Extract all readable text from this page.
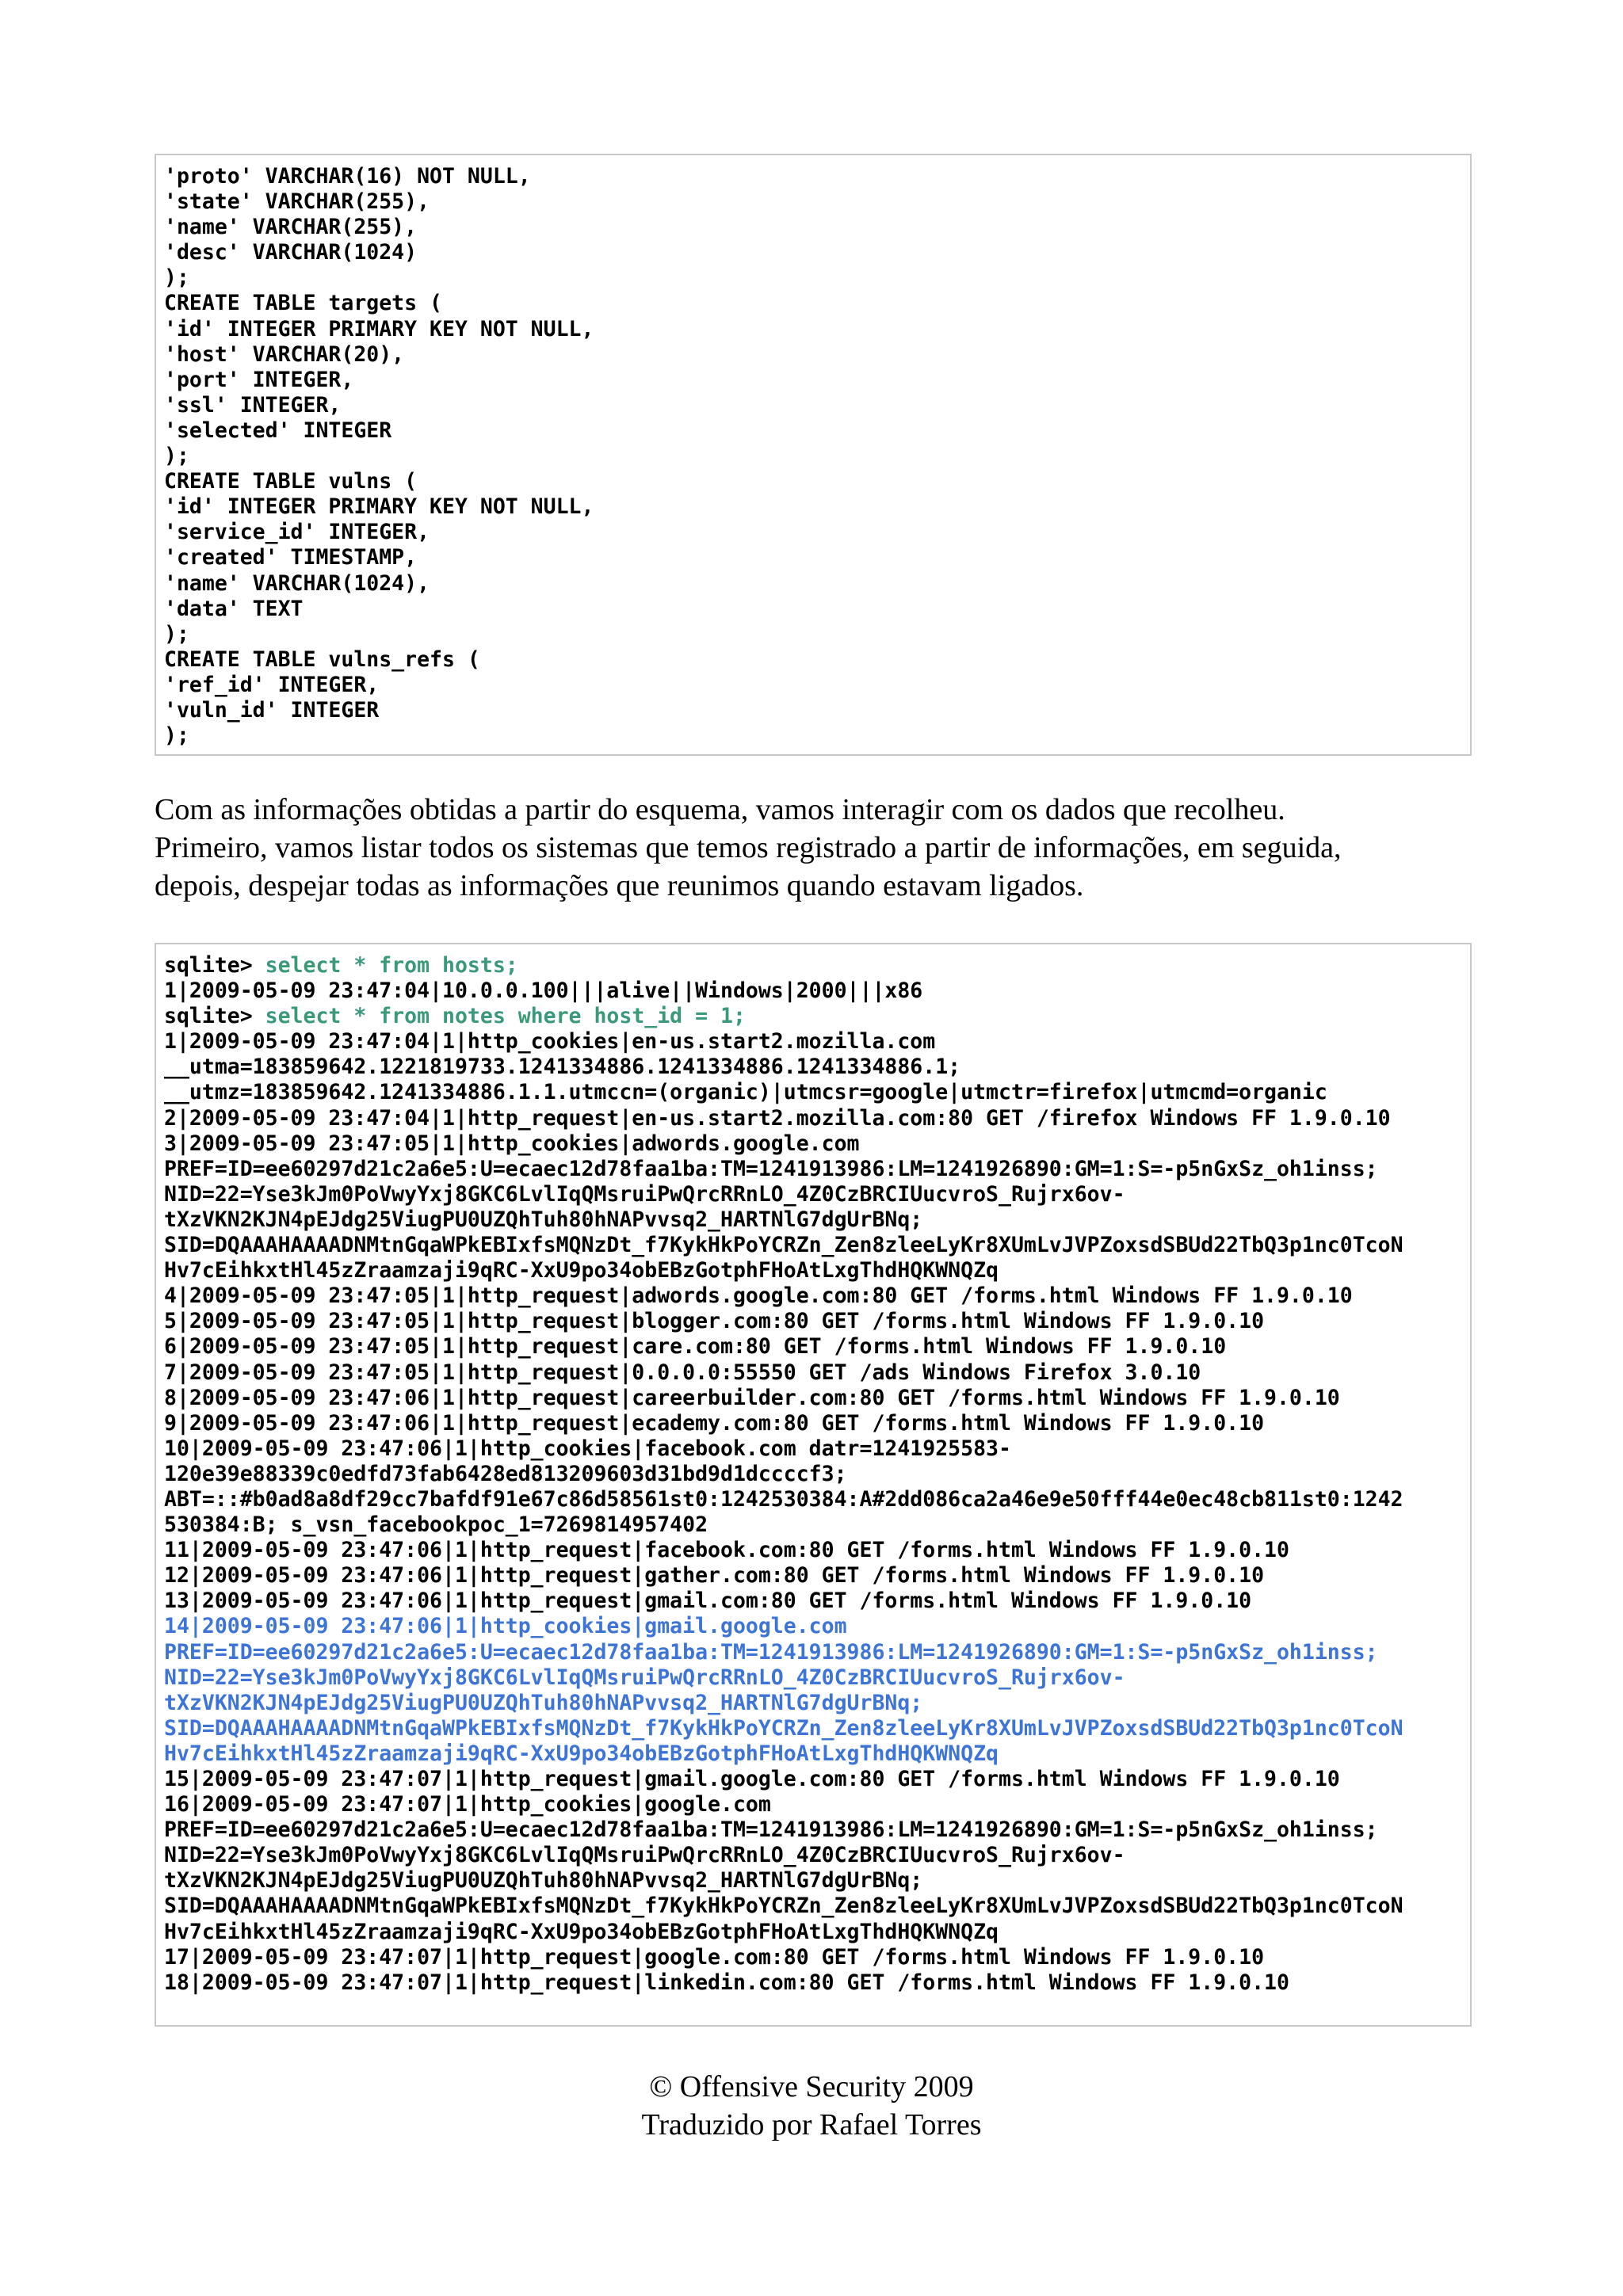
'proto' VARCHAR(16) NOT NULL,
'state' VARCHAR(255),
'name' VARCHAR(255),
'desc' VARCHAR(1024)
);
CREATE TABLE targets (
'id' INTEGER PRIMARY KEY NOT NULL,
'host' VARCHAR(20),
'port' INTEGER,
'ssl' INTEGER,
'selected' INTEGER
);
CREATE TABLE vulns (
'id' INTEGER PRIMARY KEY NOT NULL,
'service_id' INTEGER,
'created' TIMESTAMP,
'name' VARCHAR(1024),
'data' TEXT
);
CREATE TABLE vulns_refs (
'ref_id' INTEGER,
'vuln_id' INTEGER
);

Com as informações obtidas a partir do esquema, vamos interagir com os dados que recolheu.
Primeiro, vamos listar todos os sistemas que temos registrado a partir de informações, em seguida,
depois, despejar todas as informações que reunimos quando estavam ligados.

sqlite> select * from hosts;
1|2009-05-09 23:47:04|10.0.0.100|||alive||Windows|2000|||x86
sqlite> select * from notes where host_id = 1;
1|2009-05-09 23:47:04|1|http_cookies|en-us.start2.mozilla.com
__utma=183859642.1221819733.1241334886.1241334886.1241334886.1;
__utmz=183859642.1241334886.1.1.utmccn=(organic)|utmcsr=google|utmctr=firefox|utmcmd=organic
2|2009-05-09 23:47:04|1|http_request|en-us.start2.mozilla.com:80 GET /firefox Windows FF 1.9.0.10
3|2009-05-09 23:47:05|1|http_cookies|adwords.google.com
PREF=ID=ee60297d21c2a6e5:U=ecaec12d78faa1ba:TM=1241913986:LM=1241926890:GM=1:S=-p5nGxSz_oh1inss;
NID=22=Yse3kJm0PoVwyYxj8GKC6LvlIqQMsruiPwQrcRRnLO_4Z0CzBRCIUucvroS_Rujrx6ov-
tXzVKN2KJN4pEJdg25ViugPU0UZQhTuh80hNAPvvsq2_HARTNlG7dgUrBNq;
SID=DQAAAHAAAADNMtnGqaWPkEBIxfsMQNzDt_f7KykHkPoYCRZn_Zen8zleeLyKr8XUmLvJVPZoxsdSBUd22TbQ3p1nc0TcoN
Hv7cEihkxtHl45zZraamzaji9qRC-XxU9po34obEBzGotphFHoAtLxgThdHQKWNQZq
4|2009-05-09 23:47:05|1|http_request|adwords.google.com:80 GET /forms.html Windows FF 1.9.0.10
5|2009-05-09 23:47:05|1|http_request|blogger.com:80 GET /forms.html Windows FF 1.9.0.10
6|2009-05-09 23:47:05|1|http_request|care.com:80 GET /forms.html Windows FF 1.9.0.10
7|2009-05-09 23:47:05|1|http_request|0.0.0.0:55550 GET /ads Windows Firefox 3.0.10
8|2009-05-09 23:47:06|1|http_request|careerbuilder.com:80 GET /forms.html Windows FF 1.9.0.10
9|2009-05-09 23:47:06|1|http_request|ecademy.com:80 GET /forms.html Windows FF 1.9.0.10
10|2009-05-09 23:47:06|1|http_cookies|facebook.com datr=1241925583-
120e39e88339c0edfd73fab6428ed813209603d31bd9d1dccccf3;
ABT=::#b0ad8a8df29cc7bafdf91e67c86d58561st0:1242530384:A#2dd086ca2a46e9e50fff44e0ec48cb811st0:1242
530384:B; s_vsn_facebookpoc_1=7269814957402
11|2009-05-09 23:47:06|1|http_request|facebook.com:80 GET /forms.html Windows FF 1.9.0.10
12|2009-05-09 23:47:06|1|http_request|gather.com:80 GET /forms.html Windows FF 1.9.0.10
13|2009-05-09 23:47:06|1|http_request|gmail.com:80 GET /forms.html Windows FF 1.9.0.10
14|2009-05-09 23:47:06|1|http_cookies|gmail.google.com
PREF=ID=ee60297d21c2a6e5:U=ecaec12d78faa1ba:TM=1241913986:LM=1241926890:GM=1:S=-p5nGxSz_oh1inss;
NID=22=Yse3kJm0PoVwyYxj8GKC6LvlIqQMsruiPwQrcRRnLO_4Z0CzBRCIUucvroS_Rujrx6ov-
tXzVKN2KJN4pEJdg25ViugPU0UZQhTuh80hNAPvvsq2_HARTNlG7dgUrBNq;
SID=DQAAAHAAAADNMtnGqaWPkEBIxfsMQNzDt_f7KykHkPoYCRZn_Zen8zleeLyKr8XUmLvJVPZoxsdSBUd22TbQ3p1nc0TcoN
Hv7cEihkxtHl45zZraamzaji9qRC-XxU9po34obEBzGotphFHoAtLxgThdHQKWNQZq
15|2009-05-09 23:47:07|1|http_request|gmail.google.com:80 GET /forms.html Windows FF 1.9.0.10
16|2009-05-09 23:47:07|1|http_cookies|google.com
PREF=ID=ee60297d21c2a6e5:U=ecaec12d78faa1ba:TM=1241913986:LM=1241926890:GM=1:S=-p5nGxSz_oh1inss;
NID=22=Yse3kJm0PoVwyYxj8GKC6LvlIqQMsruiPwQrcRRnLO_4Z0CzBRCIUucvroS_Rujrx6ov-
tXzVKN2KJN4pEJdg25ViugPU0UZQhTuh80hNAPvvsq2_HARTNlG7dgUrBNq;
SID=DQAAAHAAAADNMtnGqaWPkEBIxfsMQNzDt_f7KykHkPoYCRZn_Zen8zleeLyKr8XUmLvJVPZoxsdSBUd22TbQ3p1nc0TcoN
Hv7cEihkxtHl45zZraamzaji9qRC-XxU9po34obEBzGotphFHoAtLxgThdHQKWNQZq
17|2009-05-09 23:47:07|1|http_request|google.com:80 GET /forms.html Windows FF 1.9.0.10
18|2009-05-09 23:47:07|1|http_request|linkedin.com:80 GET /forms.html Windows FF 1.9.0.10
© Offensive Security 2009
Traduzido por Rafael Torres
